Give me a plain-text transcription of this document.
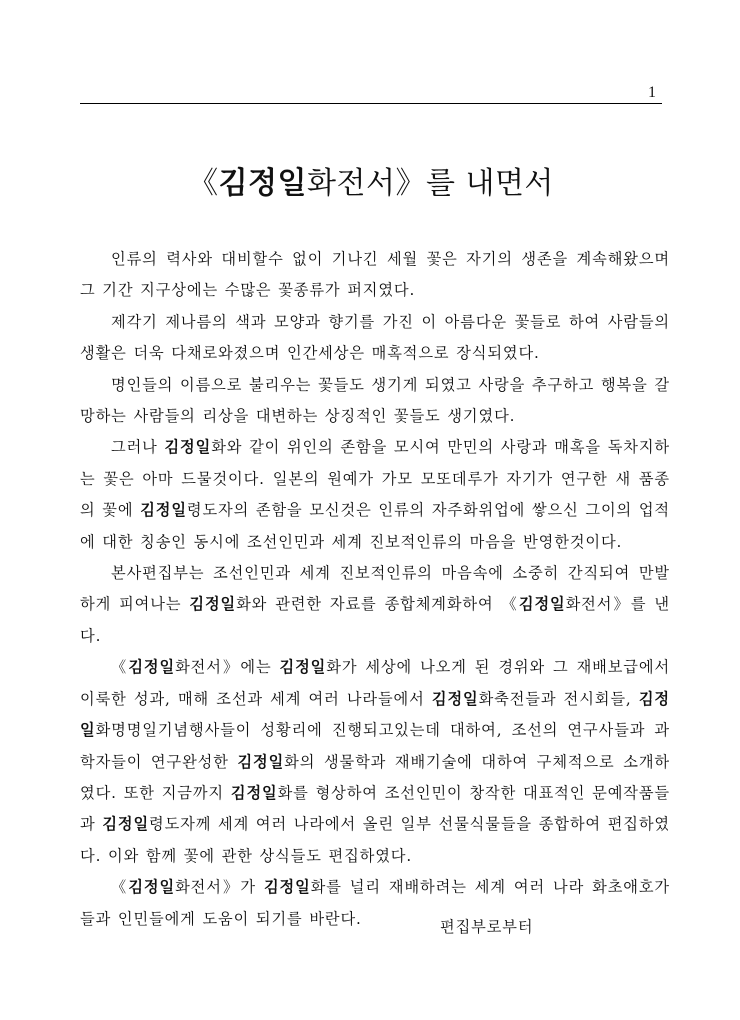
1
《김정일화전서》를 내면서

인류의 력사와 대비할수 없이 기나긴 세월 꽃은 자기의 생존을 계속해왔으며 그 기간 지구상에는 수많은 꽃종류가 퍼지였다.

제각기 제나름의 색과 모양과 향기를 가진 이 아름다운 꽃들로 하여 사람들의 생활은 더욱 다채로와졌으며 인간세상은 매혹적으로 장식되였다.

명인들의 이름으로 불리우는 꽃들도 생기게 되였고 사랑을 추구하고 행복을 갈망하는 사람들의 리상을 대변하는 상징적인 꽃들도 생기였다.

그러나 김정일화와 같이 위인의 존함을 모시여 만민의 사랑과 매혹을 독차지하는 꽃은 아마 드물것이다. 일본의 원예가 가모 모또데루가 자기가 연구한 새 품종의 꽃에 김정일령도자의 존함을 모신것은 인류의 자주화위업에 쌓으신 그이의 업적에 대한 칭송인 동시에 조선인민과 세계 진보적인류의 마음을 반영한것이다.

본사편집부는 조선인민과 세계 진보적인류의 마음속에 소중히 간직되여 만발하게 피여나는 김정일화와 관련한 자료를 종합체계화하여 《김정일화전서》를 낸다.

《김정일화전서》에는 김정일화가 세상에 나오게 된 경위와 그 재배보급에서 이룩한 성과, 매해 조선과 세계 여러 나라들에서 김정일화축전들과 전시회들, 김정일화명명일기념행사들이 성황리에 진행되고있는데 대하여, 조선의 연구사들과 과학자들이 연구완성한 김정일화의 생물학과 재배기술에 대하여 구체적으로 소개하였다. 또한 지금까지 김정일화를 형상하여 조선인민이 창작한 대표적인 문예작품들과 김정일령도자께 세계 여러 나라에서 올린 일부 선물식물들을 종합하여 편집하였다. 이와 함께 꽃에 관한 상식들도 편집하였다.

《김정일화전서》가 김정일화를 널리 재배하려는 세계 여러 나라 화초애호가들과 인민들에게 도움이 되기를 바란다.	편집부로부터
